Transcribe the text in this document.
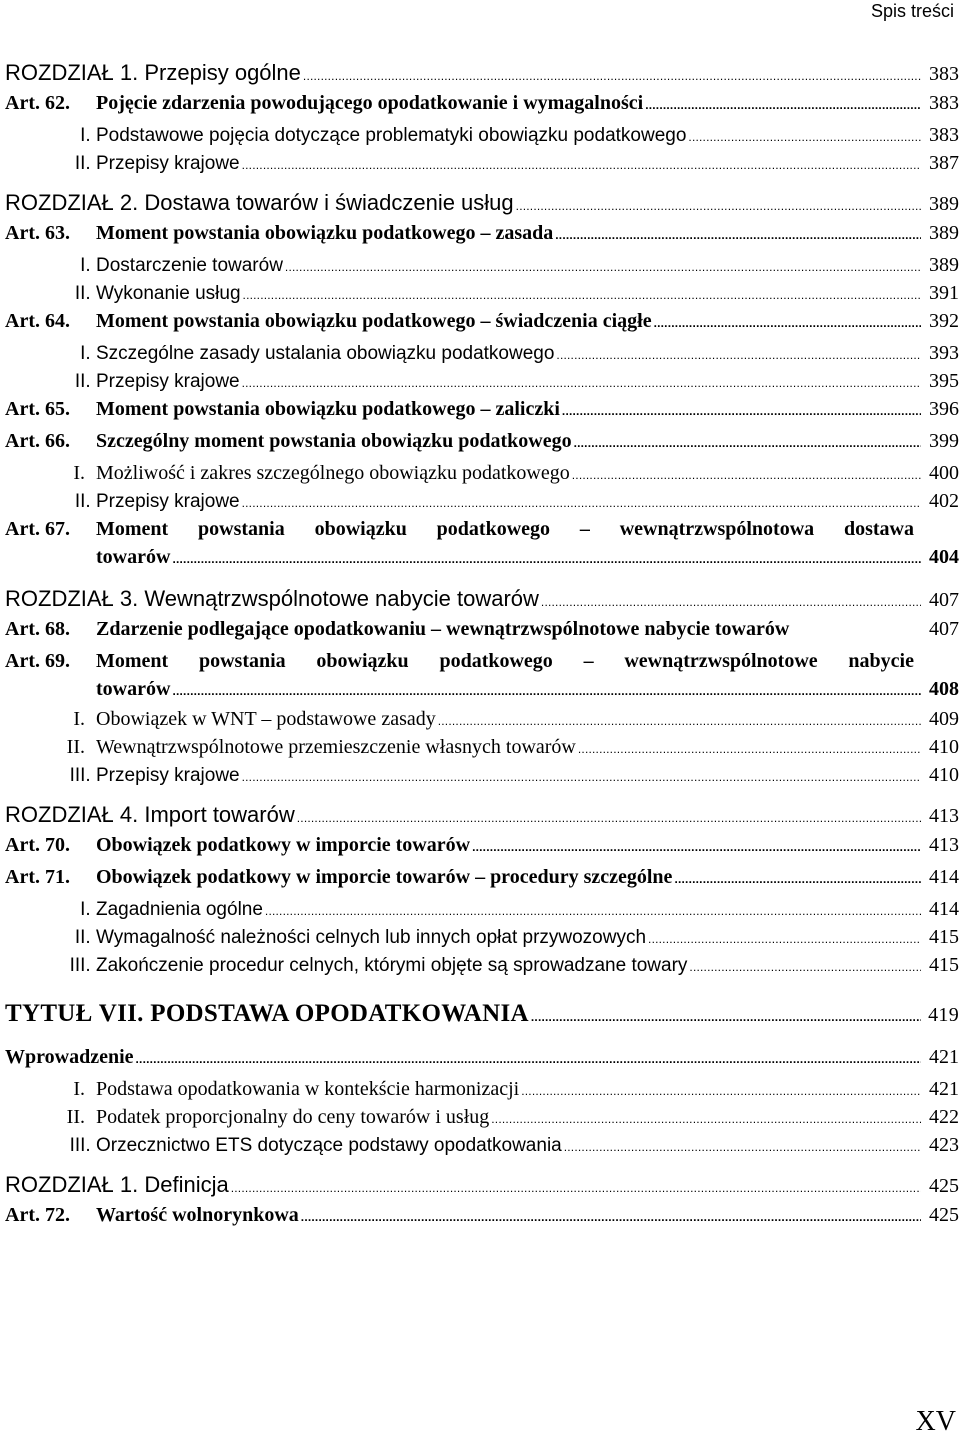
Spis treści
ROZDZIAŁ 1. Przepisy ogólne .....	383
Art. 62.	Pojęcie zdarzenia powodującego opodatkowanie i wymagalności .....	383
I. Podstawowe pojęcia dotyczące problematyki obowiązku podatkowego .....	383
II. Przepisy krajowe .....	387
ROZDZIAŁ 2. Dostawa towarów i świadczenie usług .....	389
Art. 63.	Moment powstania obowiązku podatkowego – zasada .....	389
I. Dostarczenie towarów .....	389
II. Wykonanie usług .....	391
Art. 64.	Moment powstania obowiązku podatkowego – świadczenia ciągłe .....	392
I. Szczególne zasady ustalania obowiązku podatkowego .....	393
II. Przepisy krajowe .....	395
Art. 65.	Moment powstania obowiązku podatkowego – zaliczki .....	396
Art. 66.	Szczególny moment powstania obowiązku podatkowego .....	399
I. Możliwość i zakres szczególnego obowiązku podatkowego .....	400
II. Przepisy krajowe .....	402
Art. 67.	Moment powstania obowiązku podatkowego – wewnątrzwspólnotowa dostawa
towarów .....	404
ROZDZIAŁ 3. Wewnątrzwspólnotowe nabycie towarów .....	407
Art. 68.	Zdarzenie podlegające opodatkowaniu – wewnątrzwspólnotowe nabycie towarów	407
Art. 69.	Moment powstania obowiązku podatkowego – wewnątrzwspólnotowe nabycie
towarów .....	408
I. Obowiązek w WNT – podstawowe zasady .....	409
II. Wewnątrzwspólnotowe przemieszczenie własnych towarów .....	410
III. Przepisy krajowe .....	410
ROZDZIAŁ 4. Import towarów .....	413
Art. 70.	Obowiązek podatkowy w imporcie towarów .....	413
Art. 71.	Obowiązek podatkowy w imporcie towarów – procedury szczególne .....	414
I. Zagadnienia ogólne .....	414
II. Wymagalność należności celnych lub innych opłat przywozowych .....	415
III. Zakończenie procedur celnych, którymi objęte są sprowadzane towary .....	415
TYTUŁ VII. PODSTAWA OPODATKOWANIA .....	419
Wprowadzenie .....	421
I. Podstawa opodatkowania w kontekście harmonizacji .....	421
II. Podatek proporcjonalny do ceny towarów i usług .....	422
III. Orzecznictwo ETS dotyczące podstawy opodatkowania .....	423
ROZDZIAŁ 1. Definicja .....	425
Art. 72.	Wartość wolnorynkowa .....	425
XV
